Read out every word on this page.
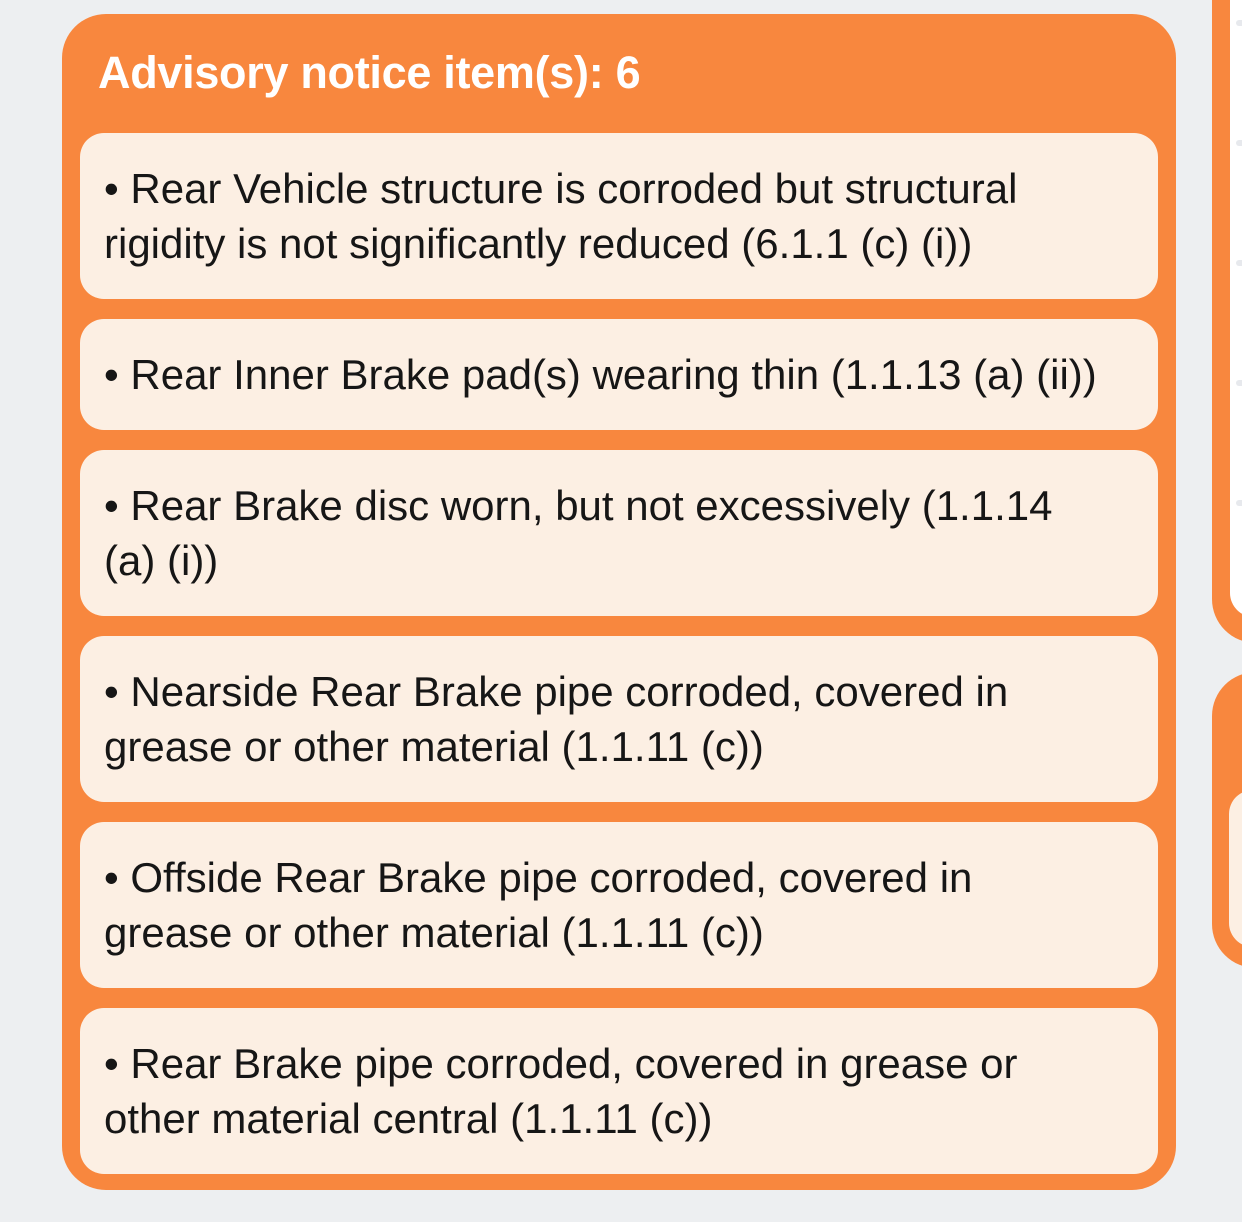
Advisory notice item(s): 6
• Rear Vehicle structure is corroded but structural rigidity is not significantly reduced (6.1.1 (c) (i))
• Rear Inner Brake pad(s) wearing thin (1.1.13 (a) (ii))
• Rear Brake disc worn, but not excessively (1.1.14 (a) (i))
• Nearside Rear Brake pipe corroded, covered in grease or other material (1.1.11 (c))
• Offside Rear Brake pipe corroded, covered in grease or other material (1.1.11 (c))
• Rear Brake pipe corroded, covered in grease or other material central (1.1.11 (c))
